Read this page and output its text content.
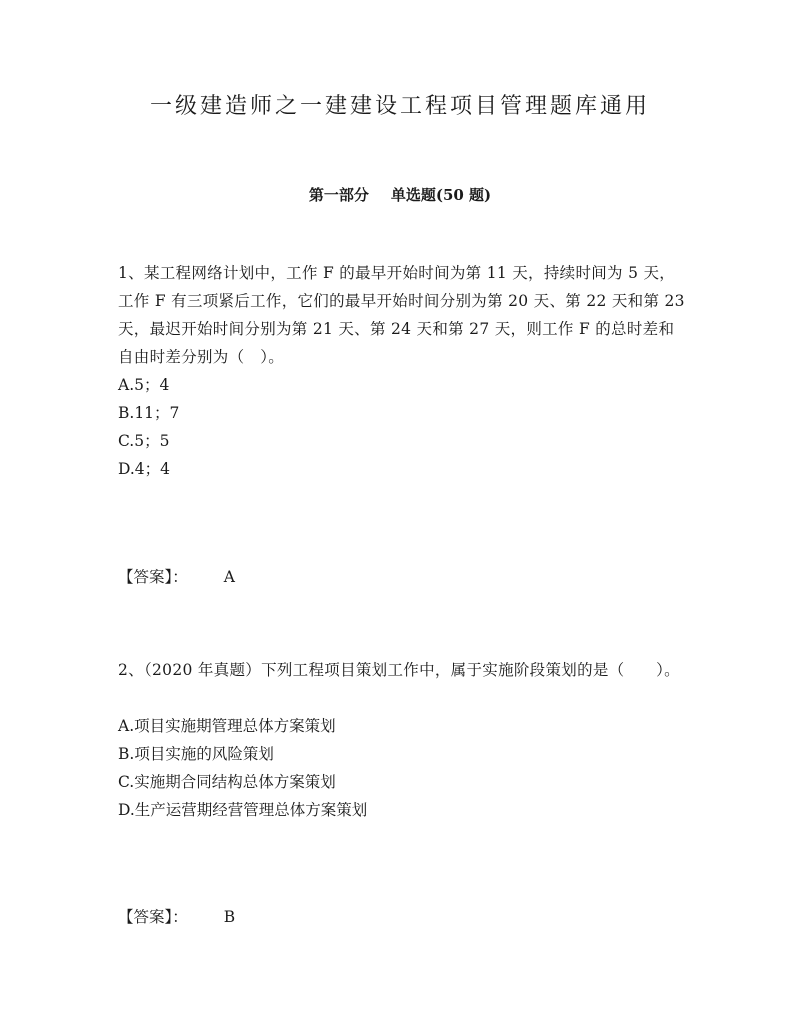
一级建造师之一建建设工程项目管理题库通用
第一部分 单选题(50 题)

1、某工程网络计划中，工作 F 的最早开始时间为第 11 天，持续时间为 5 天，工作 F 有三项紧后工作，它们的最早开始时间分别为第 20 天、第 22 天和第 23 天，最迟开始时间分别为第 21 天、第 24 天和第 27 天，则工作 F 的总时差和自由时差分别为（　）。

A.5；4
B.11；7
C.5；5
D.4；4
【答案】： A

2、（2020 年真题）下列工程项目策划工作中，属于实施阶段策划的是（　　）。

A.项目实施期管理总体方案策划
B.项目实施的风险策划
C.实施期合同结构总体方案策划
D.生产运营期经营管理总体方案策划
【答案】： B
